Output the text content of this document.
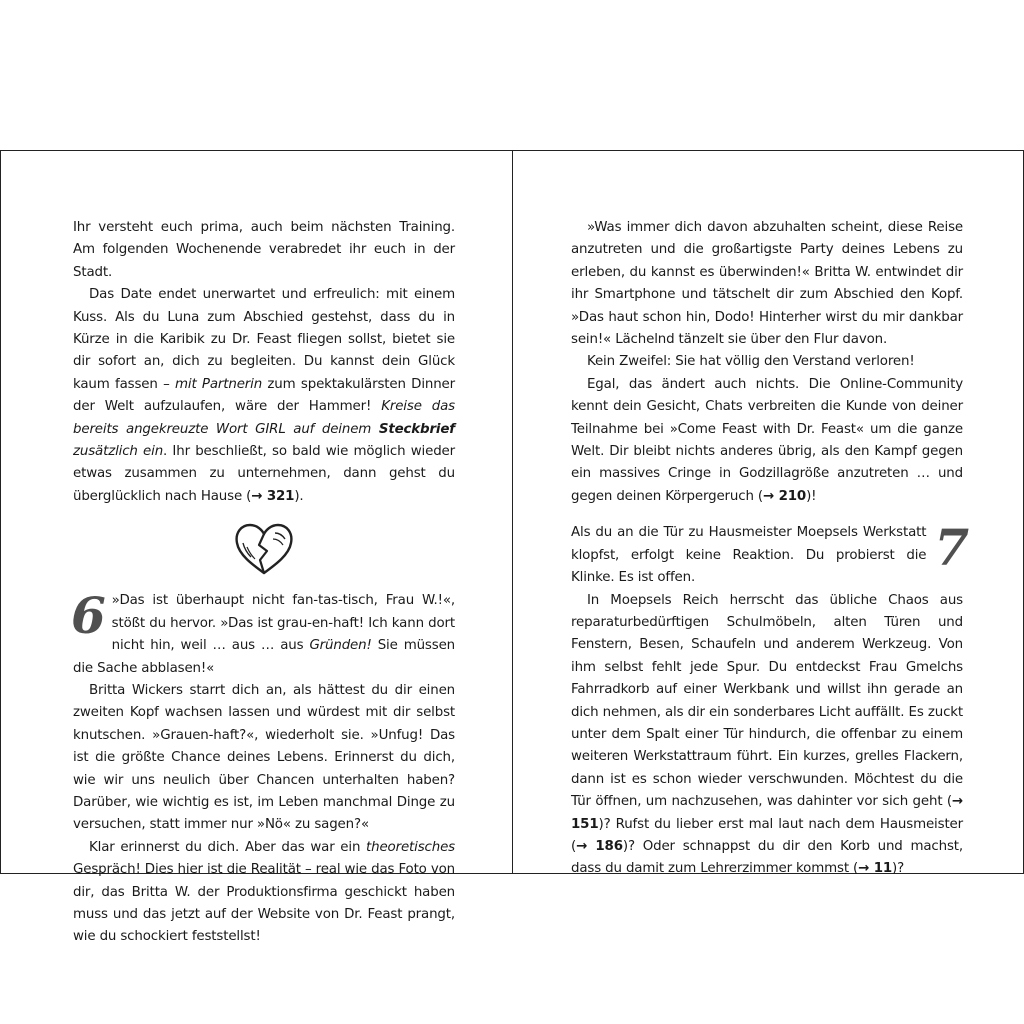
Ihr versteht euch prima, auch beim nächsten Training. Am folgenden Wochenende verabredet ihr euch in der Stadt.

Das Date endet unerwartet und erfreulich: mit einem Kuss. Als du Luna zum Abschied gestehst, dass du in Kürze in die Karibik zu Dr. Feast fliegen sollst, bietet sie dir sofort an, dich zu begleiten. Du kannst dein Glück kaum fassen – mit Partnerin zum spektakulärsten Dinner der Welt aufzulaufen, wäre der Hammer! Kreise das bereits angekreuzte Wort GIRL auf deinem Steckbrief zusätzlich ein. Ihr beschließt, so bald wie möglich wieder etwas zusammen zu unternehmen, dann gehst du überglücklich nach Hause (→ 321).

6 »Das ist überhaupt nicht fan-tas-tisch, Frau W.!«, stößt du hervor. »Das ist grau-en-haft! Ich kann dort nicht hin, weil … aus … aus Gründen! Sie müssen die Sache abblasen!«

Britta Wickers starrt dich an, als hättest du dir einen zweiten Kopf wachsen lassen und würdest mit dir selbst knutschen. »Grauen-haft?«, wiederholt sie. »Unfug! Das ist die größte Chance deines Lebens. Erinnerst du dich, wie wir uns neulich über Chancen unterhalten haben? Darüber, wie wichtig es ist, im Leben manchmal Dinge zu versuchen, statt immer nur »Nö« zu sagen?«

Klar erinnerst du dich. Aber das war ein theoretisches Gespräch! Dies hier ist die Realität – real wie das Foto von dir, das Britta W. der Produktionsfirma geschickt haben muss und das jetzt auf der Website von Dr. Feast prangt, wie du schockiert feststellst!

»Was immer dich davon abzuhalten scheint, diese Reise anzutreten und die großartigste Party deines Lebens zu erleben, du kannst es überwinden!« Britta W. entwindet dir ihr Smartphone und tätschelt dir zum Abschied den Kopf. »Das haut schon hin, Dodo! Hinterher wirst du mir dankbar sein!« Lächelnd tänzelt sie über den Flur davon.

Kein Zweifel: Sie hat völlig den Verstand verloren!

Egal, das ändert auch nichts. Die Online-Community kennt dein Gesicht, Chats verbreiten die Kunde von deiner Teilnahme bei »Come Feast with Dr. Feast« um die ganze Welt. Dir bleibt nichts anderes übrig, als den Kampf gegen ein massives Cringe in Godzillagröße anzutreten … und gegen deinen Körpergeruch (→ 210)!

7
Als du an die Tür zu Hausmeister Moepsels Werkstatt klopfst, erfolgt keine Reaktion. Du probierst die Klinke. Es ist offen.

In Moepsels Reich herrscht das übliche Chaos aus reparaturbedürftigen Schulmöbeln, alten Türen und Fenstern, Besen, Schaufeln und anderem Werkzeug. Von ihm selbst fehlt jede Spur. Du entdeckst Frau Gmelchs Fahrradkorb auf einer Werkbank und willst ihn gerade an dich nehmen, als dir ein sonderbares Licht auffällt. Es zuckt unter dem Spalt einer Tür hindurch, die offenbar zu einem weiteren Werkstattraum führt. Ein kurzes, grelles Flackern, dann ist es schon wieder verschwunden. Möchtest du die Tür öffnen, um nachzusehen, was dahinter vor sich geht (→ 151)? Rufst du lieber erst mal laut nach dem Hausmeister (→ 186)? Oder schnappst du dir den Korb und machst, dass du damit zum Lehrerzimmer kommst (→ 11)?
